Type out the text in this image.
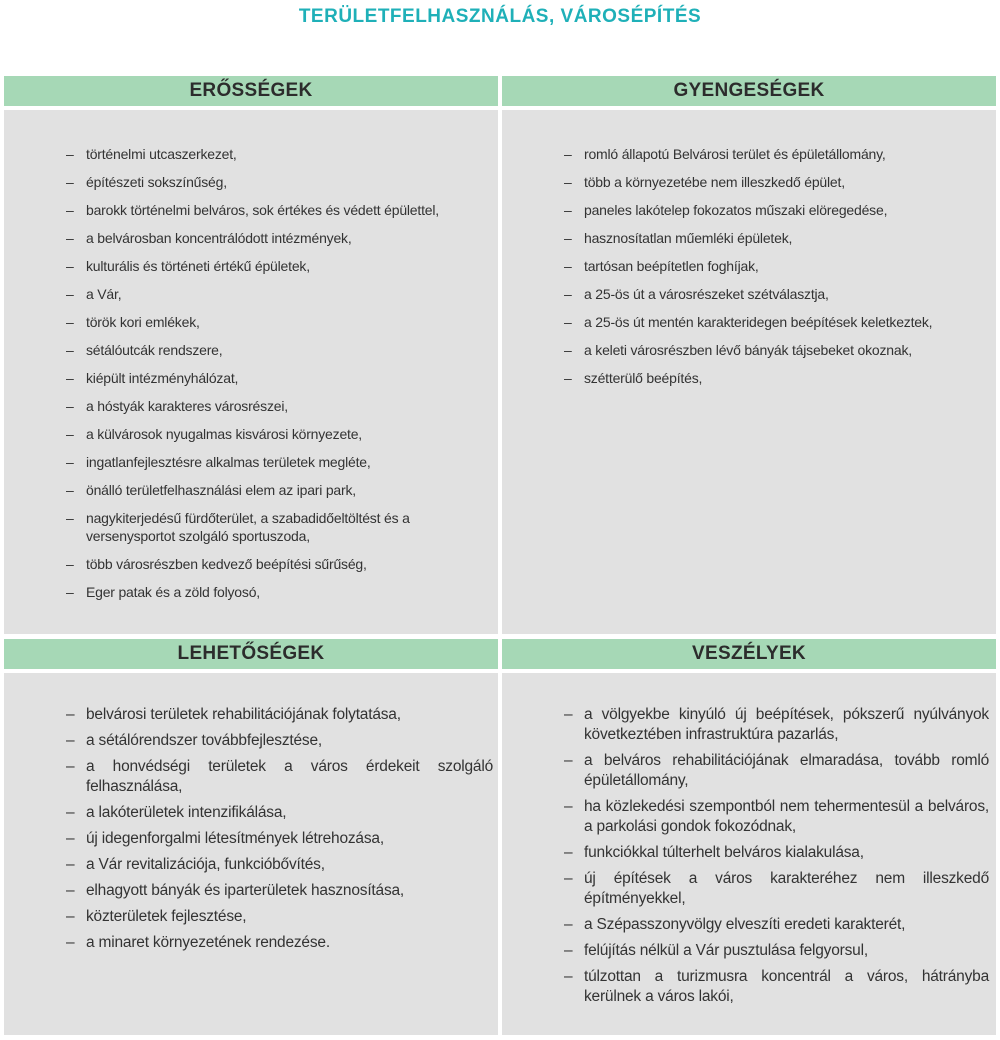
TERÜLETFELHASZNÁLÁS, VÁROSÉPÍTÉS
ERŐSSÉGEK
– történelmi utcaszerkezet,
– építészeti sokszínűség,
– barokk történelmi belváros, sok értékes és védett épülettel,
– a belvárosban koncentrálódott intézmények,
– kulturális és történeti értékű épületek,
– a Vár,
– török kori emlékek,
– sétálóutcák rendszere,
– kiépült intézményhálózat,
– a hóstyák karakteres városrészei,
– a külvárosok nyugalmas kisvárosi környezete,
– ingatlanfejlesztésre alkalmas területek megléte,
– önálló területfelhasználási elem az ipari park,
– nagykiterjedésű fürdőterület, a szabadidőeltöltést és a versenysportot szolgáló sportuszoda,
– több városrészben kedvező beépítési sűrűség,
– Eger patak és a zöld folyosó,
GYENGESÉGEK
– romló állapotú Belvárosi terület és épületállomány,
– több a környezetébe nem illeszkedő épület,
– paneles lakótelep fokozatos műszaki elöregedése,
– hasznosítatlan műemléki épületek,
– tartósan beépítetlen foghíjak,
– a 25-ös út a városrészeket szétválasztja,
– a 25-ös út mentén karakteridegen beépítések keletkeztek,
– a keleti városrészben lévő bányák tájsebeket okoznak,
– szétterülő beépítés,
LEHETŐSÉGEK
– belvárosi területek rehabilitációjának folytatása,
– a sétálórendszer továbbfejlesztése,
– a honvédségi területek a város érdekeit szolgáló felhasználása,
– a lakóterületek intenzifikálása,
– új idegenforgalmi létesítmények létrehozása,
– a Vár revitalizációja, funkcióbővítés,
– elhagyott bányák és iparterületek hasznosítása,
– közterületek fejlesztése,
– a minaret környezetének rendezése.
VESZÉLYEK
– a völgyekbe kinyúló új beépítések, pókszerű nyúlványok következtében infrastruktúra pazarlás,
– a belváros rehabilitációjának elmaradása, tovább romló épületállomány,
– ha közlekedési szempontból nem tehermentesül a belváros, a parkolási gondok fokozódnak,
– funkciókkal túlterhelt belváros kialakulása,
– új építések a város karakteréhez nem illeszkedő építményekkel,
– a Szépasszonyvölgy elveszíti eredeti karakterét,
– felújítás nélkül a Vár pusztulása felgyorsul,
– túlzottan a turizmusra koncentrál a város, hátrányba kerülnek a város lakói,
